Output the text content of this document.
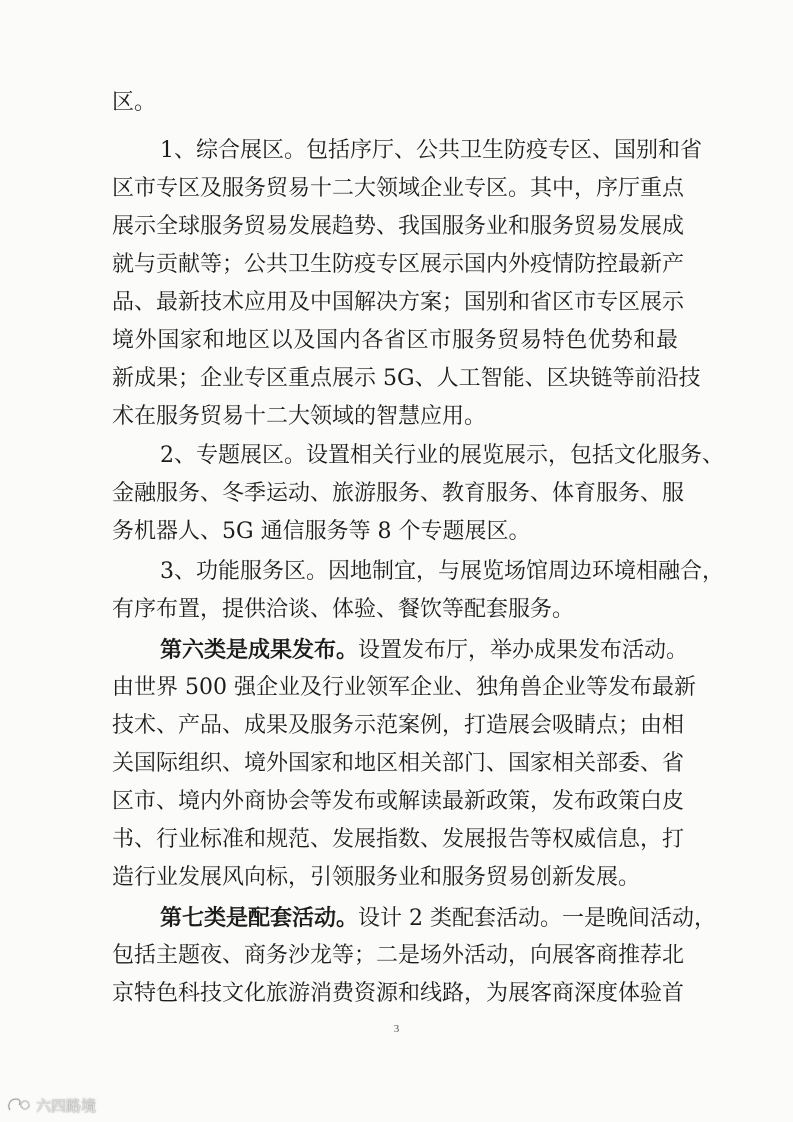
区。
1、综合展区。包括序厅、公共卫生防疫专区、国别和省
区市专区及服务贸易十二大领域企业专区。其中，序厅重点
展示全球服务贸易发展趋势、我国服务业和服务贸易发展成
就与贡献等；公共卫生防疫专区展示国内外疫情防控最新产
品、最新技术应用及中国解决方案；国别和省区市专区展示
境外国家和地区以及国内各省区市服务贸易特色优势和最
新成果；企业专区重点展示 5G、人工智能、区块链等前沿技
术在服务贸易十二大领域的智慧应用。
2、专题展区。设置相关行业的展览展示，包括文化服务、
金融服务、冬季运动、旅游服务、教育服务、体育服务、服
务机器人、5G 通信服务等 8 个专题展区。
3、功能服务区。因地制宜，与展览场馆周边环境相融合，
有序布置，提供洽谈、体验、餐饮等配套服务。
第六类是成果发布。设置发布厅，举办成果发布活动。
由世界 500 强企业及行业领军企业、独角兽企业等发布最新
技术、产品、成果及服务示范案例，打造展会吸睛点；由相
关国际组织、境外国家和地区相关部门、国家相关部委、省
区市、境内外商协会等发布或解读最新政策，发布政策白皮
书、行业标准和规范、发展指数、发展报告等权威信息，打
造行业发展风向标，引领服务业和服务贸易创新发展。
第七类是配套活动。设计 2 类配套活动。一是晚间活动，
包括主题夜、商务沙龙等；二是场外活动，向展客商推荐北
京特色科技文化旅游消费资源和线路，为展客商深度体验首
3
六四路境
